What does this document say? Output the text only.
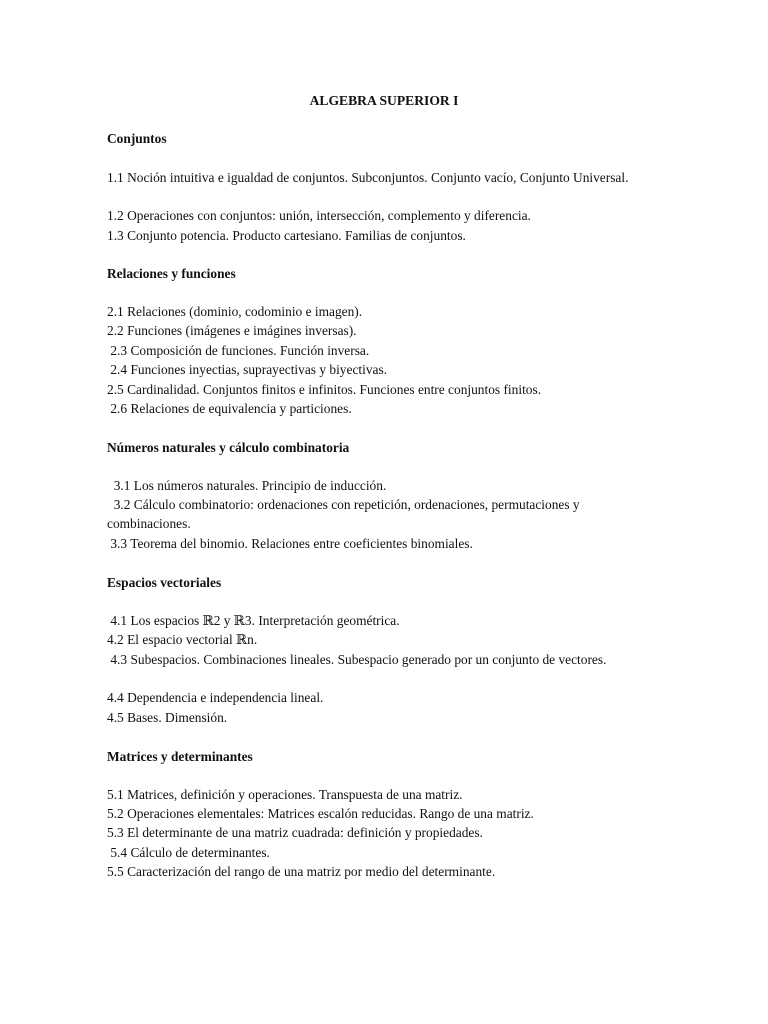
ALGEBRA SUPERIOR I
Conjuntos
1.1 Noción intuitiva e igualdad de conjuntos. Subconjuntos. Conjunto vacío, Conjunto Universal.
1.2 Operaciones con conjuntos: unión, intersección, complemento y diferencia.
1.3 Conjunto potencia. Producto cartesiano. Familias de conjuntos.
Relaciones y funciones
2.1 Relaciones (dominio, codominio e imagen).
2.2 Funciones (imágenes e imágines inversas).
2.3 Composición de funciones. Función inversa.
2.4 Funciones inyectias, suprayectivas y biyectivas.
2.5 Cardinalidad. Conjuntos finitos e infinitos. Funciones entre conjuntos finitos.
2.6 Relaciones de equivalencia y particiones.
Números naturales y cálculo combinatoria
3.1 Los números naturales. Principio de inducción.
3.2 Cálculo combinatorio: ordenaciones con repetición, ordenaciones, permutaciones y combinaciones.
3.3 Teorema del binomio. Relaciones entre coeficientes binomiales.
Espacios vectoriales
4.1 Los espacios ℝ2 y ℝ3. Interpretación geométrica.
4.2 El espacio vectorial ℝn.
4.3 Subespacios. Combinaciones lineales. Subespacio generado por un conjunto de vectores.
4.4 Dependencia e independencia lineal.
4.5 Bases. Dimensión.
Matrices y determinantes
5.1 Matrices, definición y operaciones. Transpuesta de una matriz.
5.2 Operaciones elementales: Matrices escalón reducidas. Rango de una matriz.
5.3 El determinante de una matriz cuadrada: definición y propiedades.
5.4 Cálculo de determinantes.
5.5 Caracterización del rango de una matriz por medio del determinante.
